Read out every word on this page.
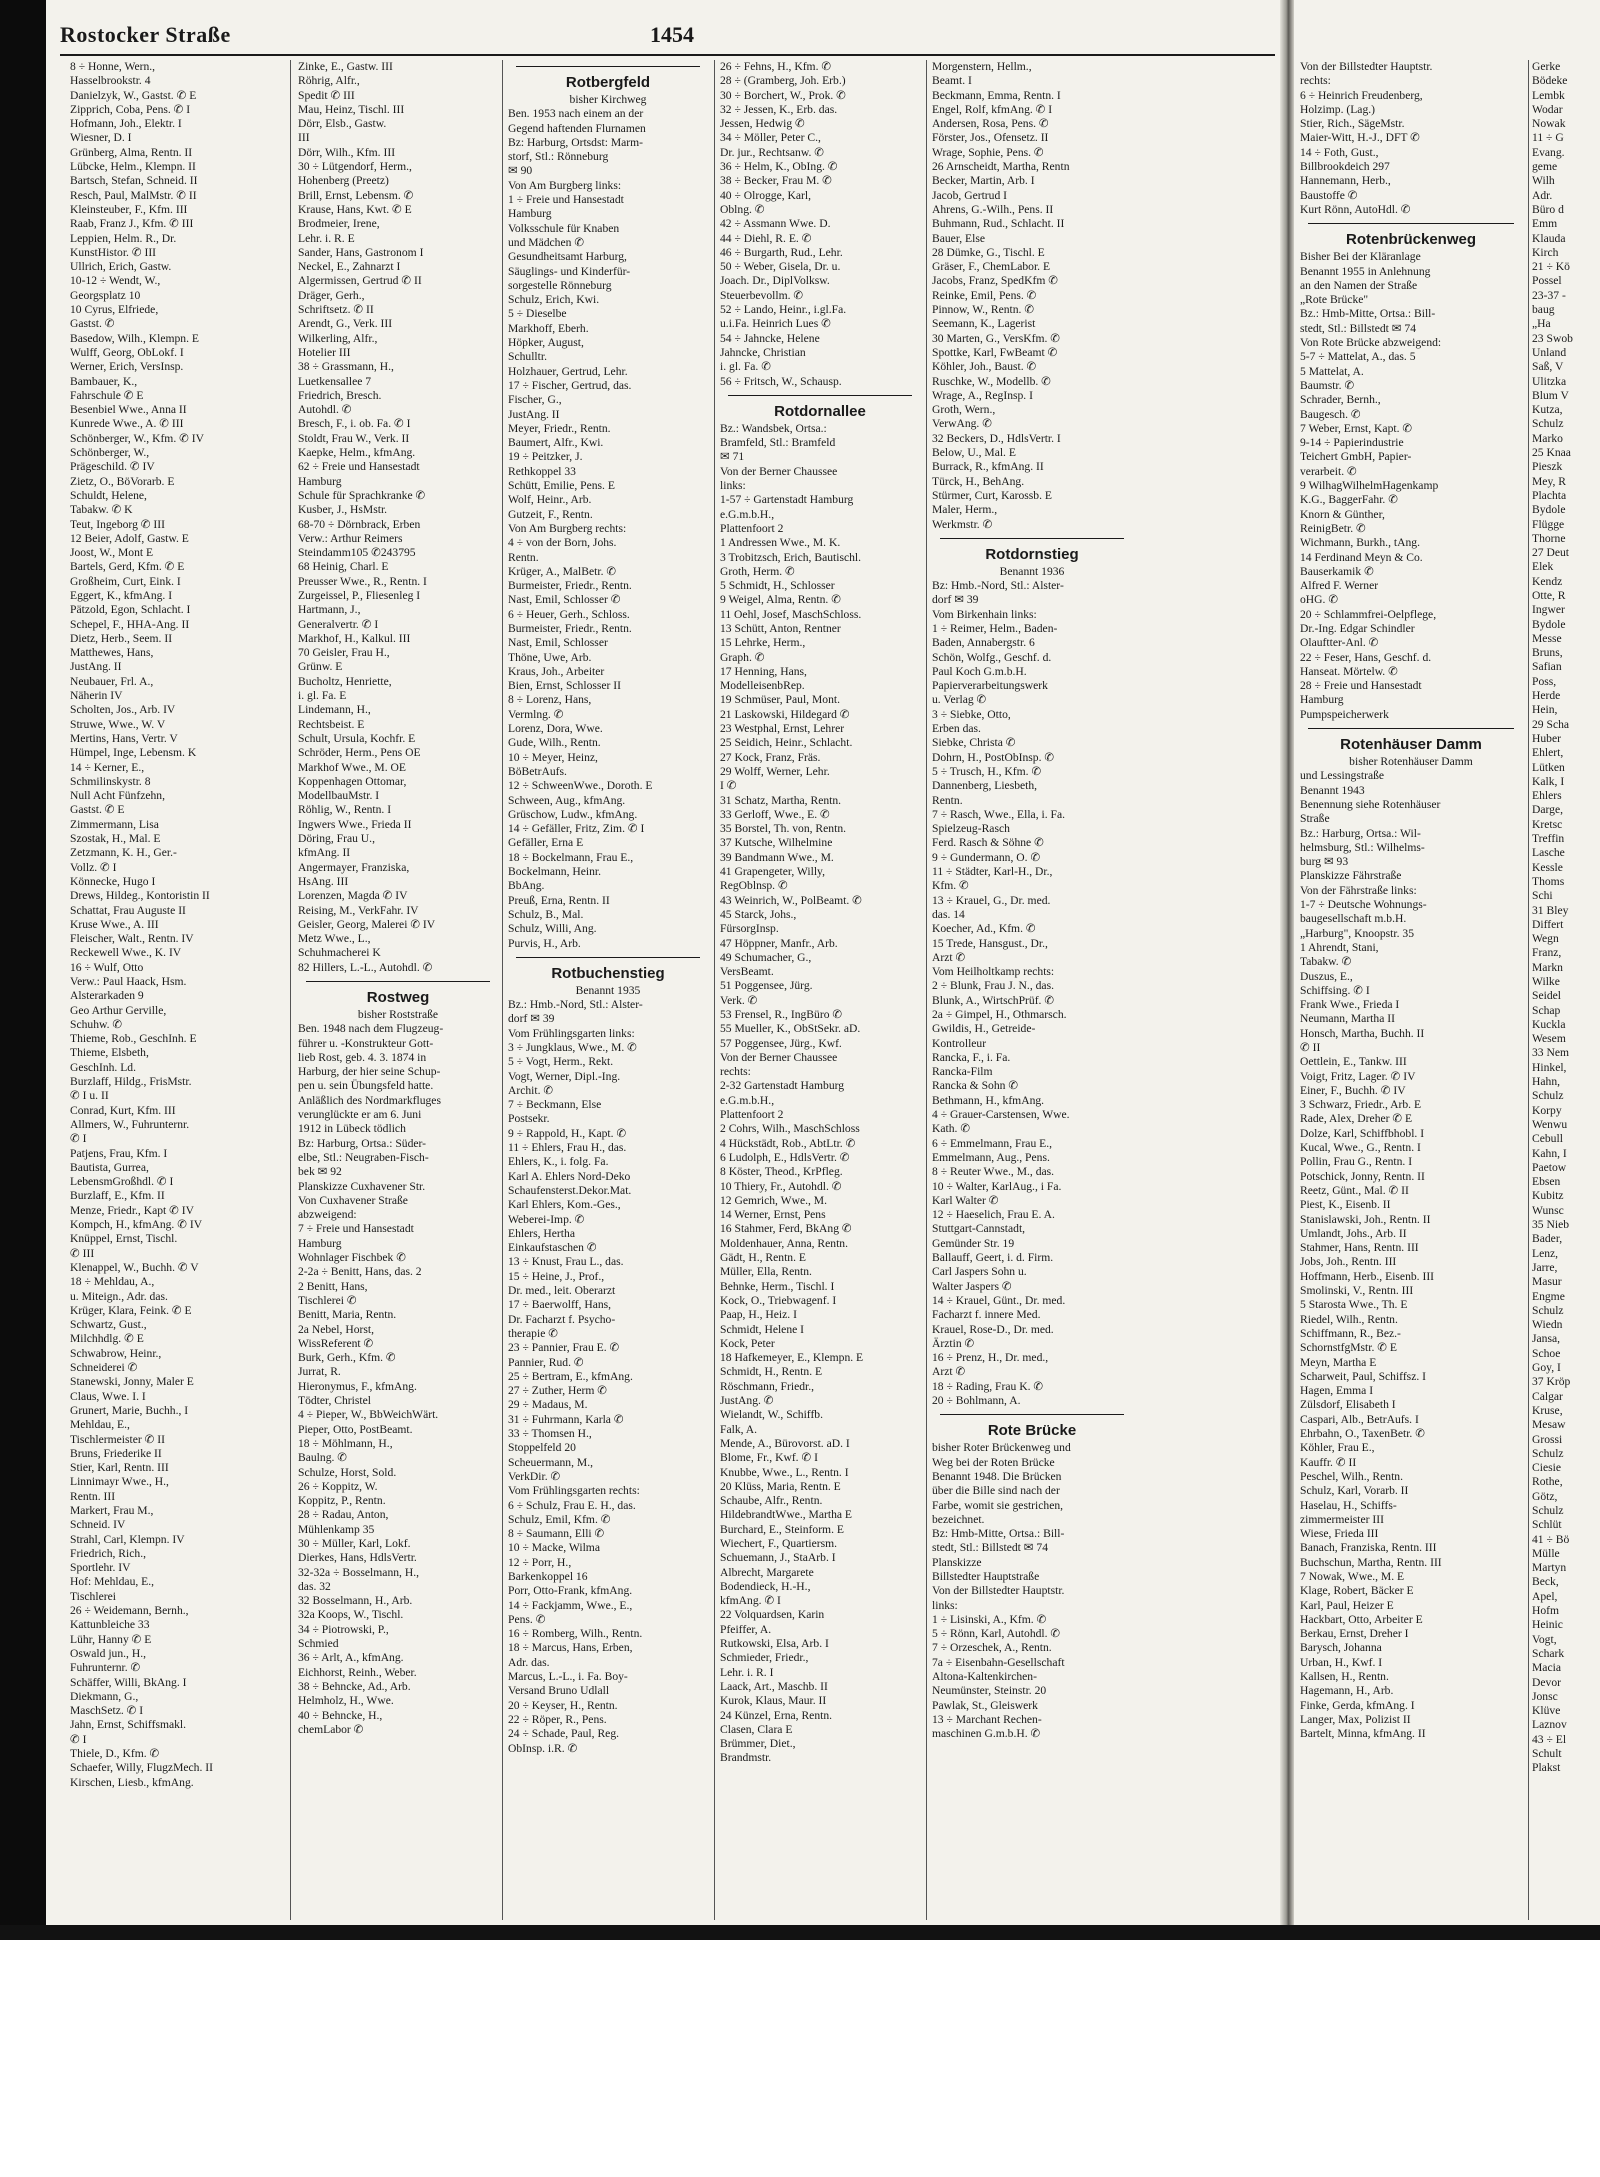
Rostocker Straße	1454
8 ÷ Honne, Wern.,
Hasselbrookstr. 4
Danielzyk, W., Gastst. ✆ E
Zipprich, Coba, Pens. ✆ I
Hofmann, Joh., Elektr. I
Wiesner, D. I
Grünberg, Alma, Rentn. II
Lübcke, Helm., Klempn. II
Bartsch, Stefan, Schneid. II
Resch, Paul, MalMstr. ✆ II
Kleinsteuber, F., Kfm. III
Raab, Franz J., Kfm. ✆ III
Leppien, Helm. R., Dr.
KunstHistor. ✆ III
Ullrich, Erich, Gastw.
10-12 ÷ Wendt, W.,
Georgsplatz 10
10 Cyrus, Elfriede,
Gastst. ✆
Basedow, Wilh., Klempn. E
Wulff, Georg, ObLokf. I
Werner, Erich, VersInsp.
Bambauer, K.,
Fahrschule ✆ E
Besenbiel Wwe., Anna II
Kunrede Wwe., A. ✆ III
Schönberger, W., Kfm. ✆ IV
Schönberger, W.,
Prägeschild. ✆ IV
Zietz, O., BöVorarb. E
Schuldt, Helene,
Tabakw. ✆ K
Teut, Ingeborg ✆ III
12 Beier, Adolf, Gastw. E
Joost, W., Mont E
Bartels, Gerd, Kfm. ✆ E
Großheim, Curt, Eink. I
Eggert, K., kfmAng. I
Pätzold, Egon, Schlacht. I
Schepel, F., HHA-Ang. II
Dietz, Herb., Seem. II
Matthewes, Hans,
JustAng. II
Neubauer, Frl. A.,
Näherin IV
Scholten, Jos., Arb. IV
Struwe, Wwe., W. V
Mertins, Hans, Vertr. V
Hümpel, Inge, Lebensm. K
14 ÷ Kerner, E.,
Schmilinskystr. 8
Null Acht Fünfzehn,
Gastst. ✆ E
Zimmermann, Lisa
Szostak, H., Mal. E
Zetzmann, K. H., Ger.-
Vollz. ✆ I
Könnecke, Hugo I
Drews, Hildeg., Kontoristin II
Schattat, Frau Auguste II
Kruse Wwe., A. III
Fleischer, Walt., Rentn. IV
Reckewell Wwe., K. IV
16 ÷ Wulf, Otto
Verw.: Paul Haack, Hsm.
Alsterarkaden 9
Geo Arthur Gerville,
Schuhw. ✆
Thieme, Rob., GeschInh. E
Thieme, Elsbeth,
GeschInh. Ld.
Burzlaff, Hildg., FrisMstr.
✆ I u. II
Conrad, Kurt, Kfm. III
Allmers, W., Fuhrunternr.
✆ I
Patjens, Frau, Kfm. I
Bautista, Gurrea,
LebensmGroßhdl. ✆ I
Burzlaff, E., Kfm. II
Menze, Friedr., Kapt ✆ IV
Kompch, H., kfmAng. ✆ IV
Knüppel, Ernst, Tischl.
✆ III
Klenappel, W., Buchh. ✆ V
18 ÷ Mehldau, A.,
u. Miteign., Adr. das.
Krüger, Klara, Feink. ✆ E
Schwartz, Gust.,
Milchhdlg. ✆ E
Schwabrow, Heinr.,
Schneiderei ✆
Stanewski, Jonny, Maler E
Claus, Wwe. I. I
Grunert, Marie, Buchh., I
Mehldau, E.,
Tischlermeister ✆ II
Bruns, Friederike II
Stier, Karl, Rentn. III
Linnimayr Wwe., H.,
Rentn. III
Markert, Frau M.,
Schneid. IV
Strahl, Carl, Klempn. IV
Friedrich, Rich.,
Sportlehr. IV
Hof: Mehldau, E.,
Tischlerei
26 ÷ Weidemann, Bernh.,
Kattunbleiche 33
Lühr, Hanny ✆ E
Oswald jun., H.,
Fuhrunternr. ✆
Schäffer, Willi, BkAng. I
Diekmann, G.,
MaschSetz. ✆ I
Jahn, Ernst, Schiffsmakl.
✆ I
Thiele, D., Kfm. ✆
Schaefer, Willy, FlugzMech. II
Kirschen, Liesb., kfmAng.
Zinke, E., Gastw. III
Röhrig, Alfr.,
Spedit ✆ III
Mau, Heinz, Tischl. III
Dörr, Elsb., Gastw.
III
Dörr, Wilh., Kfm. III
30 ÷ Lütgendorf, Herm.,
Hohenberg (Preetz)
Brill, Ernst, Lebensm. ✆
Krause, Hans, Kwt. ✆ E
Brodmeier, Irene,
Lehr. i. R. E
Sander, Hans, Gastronom I
Neckel, E., Zahnarzt I
Algermissen, Gertrud ✆ II
Dräger, Gerh.,
Schriftsetz. ✆ II
Arendt, G., Verk. III
Wilkerling, Alfr.,
Hotelier III
38 ÷ Grassmann, H.,
Luetkensallee 7
Friedrich, Bresch.
Autohdl. ✆
Bresch, F., i. ob. Fa. ✆ I
Stoldt, Frau W., Verk. II
Kaepke, Helm., kfmAng.
62 ÷ Freie und Hansestadt
Hamburg
Schule für Sprachkranke ✆
Kusber, J., HsMstr.
68-70 ÷ Dörnbrack, Erben
Verw.: Arthur Reimers
Steindamm105 ✆243795
68 Heinig, Charl. E
Preusser Wwe., R., Rentn. I
Zurgeissel, P., Fliesenleg I
Hartmann, J.,
Generalvertr. ✆ I
Markhof, H., Kalkul. III
70 Geisler, Frau H.,
Grünw. E
Bucholtz, Henriette,
i. gl. Fa. E
Lindemann, H.,
Rechtsbeist. E
Schult, Ursula, Kochfr. E
Schröder, Herm., Pens OE
Markhof Wwe., M. OE
Koppenhagen Ottomar,
ModellbauMstr. I
Röhlig, W., Rentn. I
Ingwers Wwe., Frieda II
Döring, Frau U.,
kfmAng. II
Angermayer, Franziska,
HsAng. III
Lorenzen, Magda ✆ IV
Reising, M., VerkFahr. IV
Geisler, Georg, Malerei ✆ IV
Metz Wwe., L.,
Schuhmacherei K
82 Hillers, L.-L., Autohdl. ✆
Rostweg
bisher Roststraße
Ben. 1948 nach dem Flugzeug-
führer u. -Konstrukteur Gott-
lieb Rost, geb. 4. 3. 1874 in
Harburg, der hier seine Schup-
pen u. sein Übungsfeld hatte.
Anläßlich des Nordmarkfluges
verunglückte er am 6. Juni
1912 in Lübeck tödlich
Bz: Harburg, Ortsa.: Süder-
elbe, Stl.: Neugraben-Fisch-
bek ✉ 92
Planskizze Cuxhavener Str.
Von Cuxhavener Straße
abzweigend:
7 ÷ Freie und Hansestadt
Hamburg
Wohnlager Fischbek ✆
2-2a ÷ Benitt, Hans, das. 2
2 Benitt, Hans,
Tischlerei ✆
Benitt, Maria, Rentn.
2a Nebel, Horst,
WissReferent ✆
Burk, Gerh., Kfm. ✆
Jurrat, R.
Hieronymus, F., kfmAng.
Tödter, Christel
4 ÷ Pieper, W., BbWeichWärt.
Pieper, Otto, PostBeamt.
18 ÷ Möhlmann, H.,
Baulng. ✆
Schulze, Horst, Sold.
26 ÷ Koppitz, W.
Koppitz, P., Rentn.
28 ÷ Radau, Anton,
Mühlenkamp 35
30 ÷ Müller, Karl, Lokf.
Dierkes, Hans, HdlsVertr.
32-32a ÷ Bosselmann, H.,
das. 32
32 Bosselmann, H., Arb.
32a Koops, W., Tischl.
34 ÷ Piotrowski, P.,
Schmied
36 ÷ Arlt, A., kfmAng.
Eichhorst, Reinh., Weber.
38 ÷ Behncke, Ad., Arb.
Helmholz, H., Wwe.
40 ÷ Behncke, H.,
chemLabor ✆
Rotbergfeld
bisher Kirchweg
Ben. 1953 nach einem an der
Gegend haftenden Flurnamen
Bz: Harburg, Ortsdst: Marm-
storf, Stl.: Rönneburg
✉ 90
Von Am Burgberg links:
1 ÷ Freie und Hansestadt
Hamburg
Volksschule für Knaben
und Mädchen ✆
Gesundheitsamt Harburg,
Säuglings- und Kinderfür-
sorgestelle Rönneburg
Schulz, Erich, Kwi.
5 ÷ Dieselbe
Markhoff, Eberh.
Höpker, August,
Schulltr.
Holzhauer, Gertrud, Lehr.
17 ÷ Fischer, Gertrud, das.
Fischer, G.,
JustAng. II
Meyer, Friedr., Rentn.
Baumert, Alfr., Kwi.
19 ÷ Peitzker, J.
Rethkoppel 33
Schütt, Emilie, Pens. E
Wolf, Heinr., Arb.
Gutzeit, F., Rentn.
Von Am Burgberg rechts:
4 ÷ von der Born, Johs.
Rentn.
Krüger, A., MalBetr. ✆
Burmeister, Friedr., Rentn.
Nast, Emil, Schlosser ✆
6 ÷ Heuer, Gerh., Schloss.
Burmeister, Friedr., Rentn.
Nast, Emil, Schlosser
Thöne, Uwe, Arb.
Kraus, Joh., Arbeiter
Bien, Ernst, Schlosser II
8 ÷ Lorenz, Hans,
Vermlng. ✆
Lorenz, Dora, Wwe.
Gude, Wilh., Rentn.
10 ÷ Meyer, Heinz,
BöBetrAufs.
12 ÷ SchweenWwe., Doroth. E
Schween, Aug., kfmAng.
Grüschow, Ludw., kfmAng.
14 ÷ Gefäller, Fritz, Zim. ✆ I
Gefäller, Erna E
18 ÷ Bockelmann, Frau E.,
Bockelmann, Heinr.
BbAng.
Preuß, Erna, Rentn. II
Schulz, B., Mal.
Schulz, Willi, Ang.
Purvis, H., Arb.
Rotbuchenstieg
Benannt 1935
Bz.: Hmb.-Nord, Stl.: Alster-
dorf ✉ 39
Vom Frühlingsgarten links:
3 ÷ Jungklaus, Wwe., M. ✆
5 ÷ Vogt, Herm., Rekt.
Vogt, Werner, Dipl.-Ing.
Archit. ✆
7 ÷ Beckmann, Else
Postsekr.
9 ÷ Rappold, H., Kapt. ✆
11 ÷ Ehlers, Frau H., das.
Ehlers, K., i. folg. Fa.
Karl A. Ehlers Nord-Deko
Schaufensterst.Dekor.Mat.
Karl Ehlers, Kom.-Ges.,
Weberei-Imp. ✆
Ehlers, Hertha
Einkaufstaschen ✆
13 ÷ Knust, Frau L., das.
15 ÷ Heine, J., Prof.,
Dr. med., leit. Oberarzt
17 ÷ Baerwolff, Hans,
Dr. Facharzt f. Psycho-
therapie ✆
23 ÷ Pannier, Frau E. ✆
Pannier, Rud. ✆
25 ÷ Bertram, E., kfmAng.
27 ÷ Zuther, Herm ✆
29 ÷ Madaus, M.
31 ÷ Fuhrmann, Karla ✆
33 ÷ Thomsen H.,
Stoppelfeld 20
Scheuermann, M.,
VerkDir. ✆
Vom Frühlingsgarten rechts:
6 ÷ Schulz, Frau E. H., das.
Schulz, Emil, Kfm. ✆
8 ÷ Saumann, Elli ✆
10 ÷ Macke, Wilma
12 ÷ Porr, H.,
Barkenkoppel 16
Porr, Otto-Frank, kfmAng.
14 ÷ Fackjamm, Wwe., E.,
Pens. ✆
16 ÷ Romberg, Wilh., Rentn.
18 ÷ Marcus, Hans, Erben,
Adr. das.
Marcus, L.-L., i. Fa. Boy-
Versand Bruno Udlall
20 ÷ Keyser, H., Rentn.
22 ÷ Röper, R., Pens.
24 ÷ Schade, Paul, Reg.
ObInsp. i.R. ✆
26 ÷ Fehns, H., Kfm. ✆
28 ÷ (Gramberg, Joh. Erb.)
30 ÷ Borchert, W., Prok. ✆
32 ÷ Jessen, K., Erb. das.
Jessen, Hedwig ✆
34 ÷ Möller, Peter C.,
Dr. jur., Rechtsanw. ✆
36 ÷ Helm, K., ObIng. ✆
38 ÷ Becker, Frau M. ✆
40 ÷ Olrogge, Karl,
Oblng. ✆
42 ÷ Assmann Wwe. D.
44 ÷ Diehl, R. E. ✆
46 ÷ Burgarth, Rud., Lehr.
50 ÷ Weber, Gisela, Dr. u.
Joach. Dr., DiplVolksw.
Steuerbevollm. ✆
52 ÷ Lando, Heinr., i.gl.Fa.
u.i.Fa. Heinrich Lues ✆
54 ÷ Jahncke, Helene
Jahncke, Christian
i. gl. Fa. ✆
56 ÷ Fritsch, W., Schausp.
Rotdornallee
Bz.: Wandsbek, Ortsa.:
Bramfeld, Stl.: Bramfeld
✉ 71
Von der Berner Chaussee
links:
1-57 ÷ Gartenstadt Hamburg
e.G.m.b.H.,
Plattenfoort 2
1 Andressen Wwe., M. K.
3 Trobitzsch, Erich, Bautischl.
Groth, Herm. ✆
5 Schmidt, H., Schlosser
9 Weigel, Alma, Rentn. ✆
11 Oehl, Josef, MaschSchloss.
13 Schütt, Anton, Rentner
15 Lehrke, Herm.,
Graph. ✆
17 Henning, Hans,
ModelleisenbRep.
19 Schmüser, Paul, Mont.
21 Laskowski, Hildegard ✆
23 Westphal, Ernst, Lehrer
25 Seidich, Heinr., Schlacht.
27 Kock, Franz, Fräs.
29 Wolff, Werner, Lehr.
I ✆
31 Schatz, Martha, Rentn.
33 Gerloff, Wwe., E. ✆
35 Borstel, Th. von, Rentn.
37 Kutsche, Wilhelmine
39 Bandmann Wwe., M.
41 Grapengeter, Willy,
RegOblnsp. ✆
43 Weinrich, W., PolBeamt. ✆
45 Starck, Johs.,
FürsorgInsp.
47 Höppner, Manfr., Arb.
49 Schumacher, G.,
VersBeamt.
51 Poggensee, Jürg.
Verk. ✆
53 Frensel, R., IngBüro ✆
55 Mueller, K., ObStSekr. aD.
57 Poggensee, Jürg., Kwf.
Von der Berner Chaussee
rechts:
2-32 Gartenstadt Hamburg
e.G.m.b.H.,
Plattenfoort 2
2 Cohrs, Wilh., MaschSchloss
4 Hückstädt, Rob., AbtLtr. ✆
6 Ludolph, E., HdlsVertr. ✆
8 Köster, Theod., KrPfleg.
10 Thiery, Fr., Autohdl. ✆
12 Gemrich, Wwe., M.
14 Werner, Ernst, Pens
16 Stahmer, Ferd, BkAng ✆
Moldenhauer, Anna, Rentn.
Gädt, H., Rentn. E
Müller, Ella, Rentn.
Behnke, Herm., Tischl. I
Kock, O., Triebwagenf. I
Paap, H., Heiz. I
Schmidt, Helene I
Kock, Peter
18 Hafkemeyer, E., Klempn. E
Schmidt, H., Rentn. E
Röschmann, Friedr.,
JustAng. ✆
Wielandt, W., Schiffb.
Falk, A.
Mende, A., Bürovorst. aD. I
Blome, Fr., Kwf. ✆ I
Knubbe, Wwe., L., Rentn. I
20 Klüss, Maria, Rentn. E
Schaube, Alfr., Rentn.
HildebrandtWwe., Martha E
Burchard, E., Steinform. E
Wiechert, F., Quartiersm.
Schuemann, J., StaArb. I
Albrecht, Margarete
Bodendieck, H.-H.,
kfmAng. ✆ I
22 Volquardsen, Karin
Pfeiffer, A.
Rutkowski, Elsa, Arb. I
Schmieder, Friedr.,
Lehr. i. R. I
Laack, Art., Maschb. II
Kurok, Klaus, Maur. II
24 Künzel, Erna, Rentn.
Clasen, Clara E
Brümmer, Diet.,
Brandmstr.
Morgenstern, Hellm.,
Beamt. I
Beckmann, Emma, Rentn. I
Engel, Rolf, kfmAng. ✆ I
Andersen, Rosa, Pens. ✆
Förster, Jos., Ofensetz. II
Wrage, Sophie, Pens. ✆
26 Arnscheidt, Martha, Rentn
Becker, Martin, Arb. I
Jacob, Gertrud I
Ahrens, G.-Wilh., Pens. II
Buhmann, Rud., Schlacht. II
Bauer, Else
28 Dümke, G., Tischl. E
Gräser, F., ChemLabor. E
Jacobs, Franz, SpedKfm ✆
Reinke, Emil, Pens. ✆
Pinnow, W., Rentn. ✆
Seemann, K., Lagerist
30 Marten, G., VersKfm. ✆
Spottke, Karl, FwBeamt ✆
Köhler, Joh., Baust. ✆
Ruschke, W., Modellb. ✆
Wrage, A., RegInsp. I
Groth, Wern.,
VerwAng. ✆
32 Beckers, D., HdlsVertr. I
Below, U., Mal. E
Burrack, R., kfmAng. II
Türck, H., BehAng.
Stürmer, Curt, Karossb. E
Maler, Herm.,
Werkmstr. ✆
Rotdornstieg
Benannt 1936
Bz: Hmb.-Nord, Stl.: Alster-
dorf ✉ 39
Vom Birkenhain links:
1 ÷ Reimer, Helm., Baden-
Baden, Annabergstr. 6
Schön, Wolfg., Geschf. d.
Paul Koch G.m.b.H.
Papierverarbeitungswerk
u. Verlag ✆
3 ÷ Siebke, Otto,
Erben das.
Siebke, Christa ✆
Dohrn, H., PostObInsp. ✆
5 ÷ Trusch, H., Kfm. ✆
Dannenberg, Liesbeth,
Rentn.
7 ÷ Rasch, Wwe., Ella, i. Fa.
Spielzeug-Rasch
Ferd. Rasch & Söhne ✆
9 ÷ Gundermann, O. ✆
11 ÷ Städter, Karl-H., Dr.,
Kfm. ✆
13 ÷ Krauel, G., Dr. med.
das. 14
Koecher, Ad., Kfm. ✆
15 Trede, Hansgust., Dr.,
Arzt ✆
Vom Heilholtkamp rechts:
2 ÷ Blunk, Frau J. N., das.
Blunk, A., WirtschPrüf. ✆
2a ÷ Gimpel, H., Othmarsch.
Gwildis, H., Getreide-
Kontrolleur
Rancka, F., i. Fa.
Rancka-Film
Rancka & Sohn ✆
Bethmann, H., kfmAng.
4 ÷ Grauer-Carstensen, Wwe.
Kath. ✆
6 ÷ Emmelmann, Frau E.,
Emmelmann, Aug., Pens.
8 ÷ Reuter Wwe., M., das.
10 ÷ Walter, KarlAug., i Fa.
Karl Walter ✆
12 ÷ Haeselich, Frau E. A.
Stuttgart-Cannstadt,
Gemünder Str. 19
Ballauff, Geert, i. d. Firm.
Carl Jaspers Sohn u.
Walter Jaspers ✆
14 ÷ Krauel, Günt., Dr. med.
Facharzt f. innere Med.
Krauel, Rose-D., Dr. med.
Ärztin ✆
16 ÷ Prenz, H., Dr. med.,
Arzt ✆
18 ÷ Rading, Frau K. ✆
20 ÷ Bohlmann, A.
Rote Brücke
bisher Roter Brückenweg und
Weg bei der Roten Brücke
Benannt 1948. Die Brücken
über die Bille sind nach der
Farbe, womit sie gestrichen,
bezeichnet.
Bz: Hmb-Mitte, Ortsa.: Bill-
stedt, Stl.: Billstedt ✉ 74
Planskizze
Billstedter Hauptstraße
Von der Billstedter Hauptstr.
links:
1 ÷ Lisinski, A., Kfm. ✆
5 ÷ Rönn, Karl, Autohdl. ✆
7 ÷ Orzeschek, A., Rentn.
7a ÷ Eisenbahn-Gesellschaft
Altona-Kaltenkirchen-
Neumünster, Steinstr. 20
Pawlak, St., Gleiswerk
13 ÷ Marchant Rechen-
maschinen G.m.b.H. ✆
Von der Billstedter Hauptstr.
rechts:
6 ÷ Heinrich Freudenberg,
Holzimp. (Lag.)
Stier, Rich., SägeMstr.
Maier-Witt, H.-J., DFT ✆
14 ÷ Foth, Gust.,
Billbrookdeich 297
Hannemann, Herb.,
Baustoffe ✆
Kurt Rönn, AutoHdl. ✆
Rotenbrückenweg
Bisher Bei der Kläranlage
Benannt 1955 in Anlehnung
an den Namen der Straße
„Rote Brücke"
Bz.: Hmb-Mitte, Ortsa.: Bill-
stedt, Stl.: Billstedt ✉ 74
Von Rote Brücke abzweigend:
5-7 ÷ Mattelat, A., das. 5
5 Mattelat, A.
Baumstr. ✆
Schrader, Bernh.,
Baugesch. ✆
7 Weber, Ernst, Kapt. ✆
9-14 ÷ Papierindustrie
Teichert GmbH, Papier-
verarbeit. ✆
9 WilhagWilhelmHagenkamp
K.G., BaggerFahr. ✆
Knorn & Günther,
ReinigBetr. ✆
Wichmann, Burkh., tAng.
14 Ferdinand Meyn & Co.
Bauserkamik ✆
Alfred F. Werner
oHG. ✆
20 ÷ Schlammfrei-Oelpflege,
Dr.-Ing. Edgar Schindler
Olauftter-Anl. ✆
22 ÷ Feser, Hans, Geschf. d.
Hanseat. Mörtelw. ✆
28 ÷ Freie und Hansestadt
Hamburg
Pumpspeicherwerk
Rotenhäuser Damm
bisher Rotenhäuser Damm
und Lessingstraße
Benannt 1943
Benennung siehe Rotenhäuser
Straße
Bz.: Harburg, Ortsa.: Wil-
helmsburg, Stl.: Wilhelms-
burg ✉ 93
Planskizze Fährstraße
Von der Fährstraße links:
1-7 ÷ Deutsche Wohnungs-
baugesellschaft m.b.H.
„Harburg", Knoopstr. 35
1 Ahrendt, Stani,
Tabakw. ✆
Duszus, E.,
Schiffsing. ✆ I
Frank Wwe., Frieda I
Neumann, Martha II
Honsch, Martha, Buchh. II
✆ II
Oettlein, E., Tankw. III
Voigt, Fritz, Lager. ✆ IV
Einer, F., Buchh. ✆ IV
3 Schwarz, Friedr., Arb. E
Rade, Alex, Dreher ✆ E
Dolze, Karl, Schiffbhobl. I
Kucal, Wwe., G., Rentn. I
Pollin, Frau G., Rentn. I
Potschick, Jonny, Rentn. II
Reetz, Günt., Mal. ✆ II
Piest, K., Eisenb. II
Stanislawski, Joh., Rentn. II
Umlandt, Johs., Arb. II
Stahmer, Hans, Rentn. III
Jobs, Joh., Rentn. III
Hoffmann, Herb., Eisenb. III
Smolinski, V., Rentn. III
5 Starosta Wwe., Th. E
Riedel, Wilh., Rentn.
Schiffmann, R., Bez.-
SchornstfgMstr. ✆ E
Meyn, Martha E
Scharweit, Paul, Schiffsz. I
Hagen, Emma I
Zülsdorf, Elisabeth I
Caspari, Alb., BetrAufs. I
Ehrbahn, O., TaxenBetr. ✆
Köhler, Frau E.,
Kauffr. ✆ II
Peschel, Wilh., Rentn.
Schulz, Karl, Vorarb. II
Haselau, H., Schiffs-
zimmermeister III
Wiese, Frieda III
Banach, Franziska, Rentn. III
Buchschun, Martha, Rentn. III
7 Nowak, Wwe., M. E
Klage, Robert, Bäcker E
Karl, Paul, Heizer E
Hackbart, Otto, Arbeiter E
Berkau, Ernst, Dreher I
Barysch, Johanna
Urban, H., Kwf. I
Kallsen, H., Rentn.
Hagemann, H., Arb.
Finke, Gerda, kfmAng. I
Langer, Max, Polizist II
Bartelt, Minna, kfmAng. II
Gerke
Bödeke
Lembk
Wodar
Nowak
11 ÷ G
Evang.
geme
Wilh
Adr.
Büro d
Emm
Klauda
Kirch
21 ÷ Kö
Possel
23-37 -
baug
„Ha
23 Swob
Unland
Saß, V
Ulitzka
Blum V
Kutza,
Schulz
Marko
25 Knaa
Pieszk
Mey, R
Plachta
Bydole
Flügge
Thorne
27 Deut
Elek
Kendz
Otte, R
Ingwer
Bydole
Messe
Bruns,
Safian
Poss,
Herde
Hein,
29 Scha
Huber
Ehlert,
Lütken
Kalk, I
Ehlers
Darge,
Kretsc
Treffin
Lasche
Kessle
Thoms
Schi
31 Bley
Differt
Wegn
Franz,
Markn
Wilke
Seidel
Schap
Kuckla
Wesem
33 Nem
Hinkel,
Hahn,
Schulz
Korpy
Wenwu
Cebull
Kahn, I
Paetow
Ebsen
Kubitz
Wunsc
35 Nieb
Bader,
Lenz,
Jarre,
Masur
Engme
Schulz
Wiedn
Jansa,
Schoe
Goy, I
37 Kröp
Calgar
Kruse,
Mesaw
Grossi
Schulz
Ciesie
Rothe,
Götz,
Schulz
Schlüt
41 ÷ Bö
Mülle
Martyn
Beck,
Apel,
Hofm
Heinic
Vogt,
Schark
Macia
Devor
Jonsc
Klüve
Laznov
43 ÷ El
Schult
Plakst
